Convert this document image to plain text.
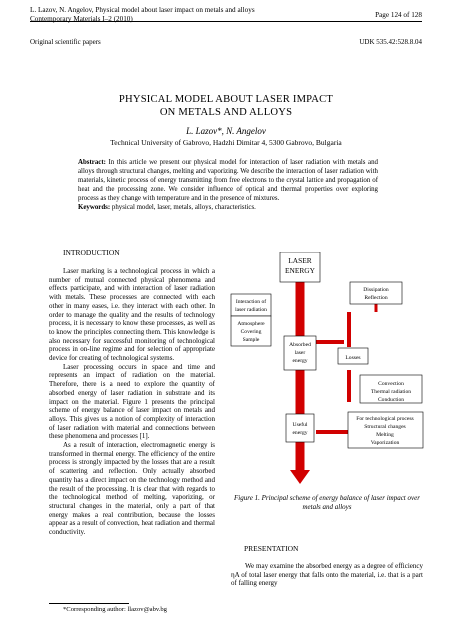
L. Lazov, N. Angelov, Physical model about laser impact on metals and alloys
Contemporary Materials I–2 (2010)	Page 124 of 128
Original scientific papers	UDK 535.42:528.8.04
PHYSICAL MODEL ABOUT LASER IMPACT
ON METALS AND ALLOYS
L. Lazov*, N. Angelov
Technical University of Gabrovo, Hadzhi Dimitar 4, 5300 Gabrovo, Bulgaria
Abstract: In this article we present our physical model for interaction of laser radiation with metals and alloys through structural changes, melting and vaporizing. We describe the interaction of laser radiation with materials, kinetic process of energy transmitting from free electrons to the crystal lattice and propagation of heat and the processing zone. We consider influence of optical and thermal properties over exploring process as they change with temperature and in the presence of mixtures.
Keywords: physical model, laser, metals, alloys, characteristics.
INTRODUCTION

Laser marking is a technological process in which a number of mutual connected physical phenomena and effects participate, and with interaction of laser radiation with metals. These processes are connected with each other in many eases, i.e. they interact with each other. In order to manage the quality and the results of technology process, it is necessary to know these processes, as well as to know the principles connecting them. This knowledge is also necessary for successful monitoring of technological process in on-line regime and for selection of appropriate device for creating of technological systems.

Laser processing occurs in space and time and represents an impact of radiation on the material. Therefore, there is a need to explore the quantity of absorbed energy of laser radiation in substrate and its impact on the material. Figure 1 presents the principal scheme of energy balance of laser impact on metals and alloys. This gives us a notion of complexity of interaction of laser radiation with material and connections between these phenomena and processes [1].

As a result of interaction, electromagnetic energy is transformed in thermal energy. The efficiency of the entire process is strongly impacted by the losses that are a result of scattering and reflection. Only actually absorbed quantity has a direct impact on the technology method and the result of the processing. It is clear that with regards to the technological method of melting, vaporizing, or structural changes in the material, only a part of that energy makes a real contribution, because the losses appear as a result of convection, heat radiation and thermal conductivity.

LASER
ENERGY
Interaction of
laser radiation
Atmosphere
Covering
Sample
Absorbed
laser
energy
Useful
energy
Dissipation
Reflection
Losses
Convection
Thermal radiation
Conduction
For technological process
Structural changes
Melting
Vaporization
Figure 1. Principal scheme of energy balance of laser impact over metals and alloys
PRESENTATION

We may examine the absorbed energy as a degree of efficiency ηA of total laser energy that falls onto the material, i.e. that is a part of falling energy

*Corresponding author: llazov@abv.bg
